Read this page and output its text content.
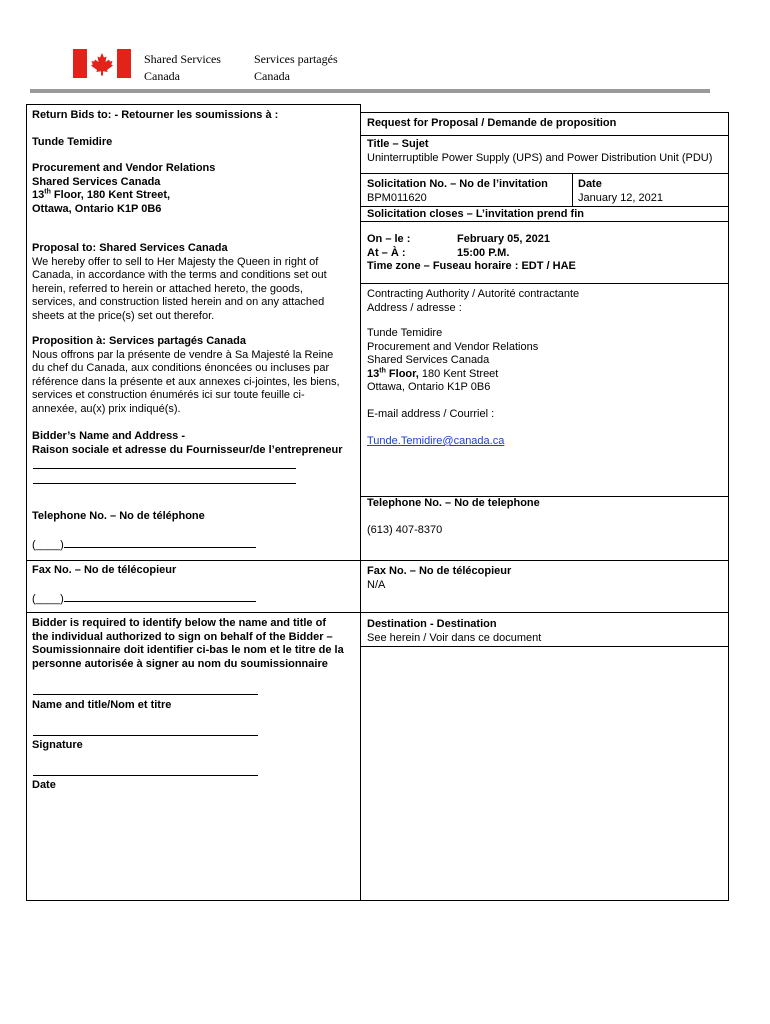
Shared Services
Canada
Services partagés
Canada
Return Bids to: - Retourner les soumissions à :
Tunde Temidire
Procurement and Vendor Relations
Shared Services Canada
13th Floor, 180 Kent Street,
Ottawa, Ontario K1P 0B6
Proposal to: Shared Services Canada
We hereby offer to sell to Her Majesty the Queen in right of
Canada, in accordance with the terms and conditions set out
herein, referred to herein or attached hereto, the goods,
services, and construction listed herein and on any attached
sheets at the price(s) set out therefor.
Proposition à: Services partagés Canada
Nous offrons par la présente de vendre à Sa Majesté la Reine
du chef du Canada, aux conditions énoncées ou incluses par
référence dans la présente et aux annexes ci-jointes, les biens,
services et construction énumérés ici sur toute feuille ci-
annexée, au(x) prix indiqué(s).
Bidder’s Name and Address -
Raison sociale et adresse du Fournisseur/de l’entrepreneur
Telephone No. – No de téléphone
(____)
Fax No. – No de télécopieur
(____)
Bidder is required to identify below the name and title of
the individual authorized to sign on behalf of the Bidder –
Soumissionnaire doit identifier ci-bas le nom et le titre de la
personne autorisée à signer au nom du soumissionnaire
Name and title/Nom et titre
Signature
Date
Request for Proposal / Demande de proposition
Title – Sujet
Uninterruptible Power Supply (UPS) and Power Distribution Unit (PDU)
Solicitation No. – No de l’invitation
BPM011620
Date
January 12, 2021
Solicitation closes – L’invitation prend fin
On – le :	February 05, 2021
At – À :	15:00 P.M.
Time zone – Fuseau horaire : EDT / HAE
Contracting Authority / Autorité contractante
Address / adresse :
Tunde Temidire
Procurement and Vendor Relations
Shared Services Canada
13th Floor, 180 Kent Street
Ottawa, Ontario K1P 0B6
E-mail address / Courriel :
Tunde.Temidire@canada.ca
Telephone No. – No de telephone
(613) 407-8370
Fax No. – No de télécopieur
N/A
Destination - Destination
See herein / Voir dans ce document
